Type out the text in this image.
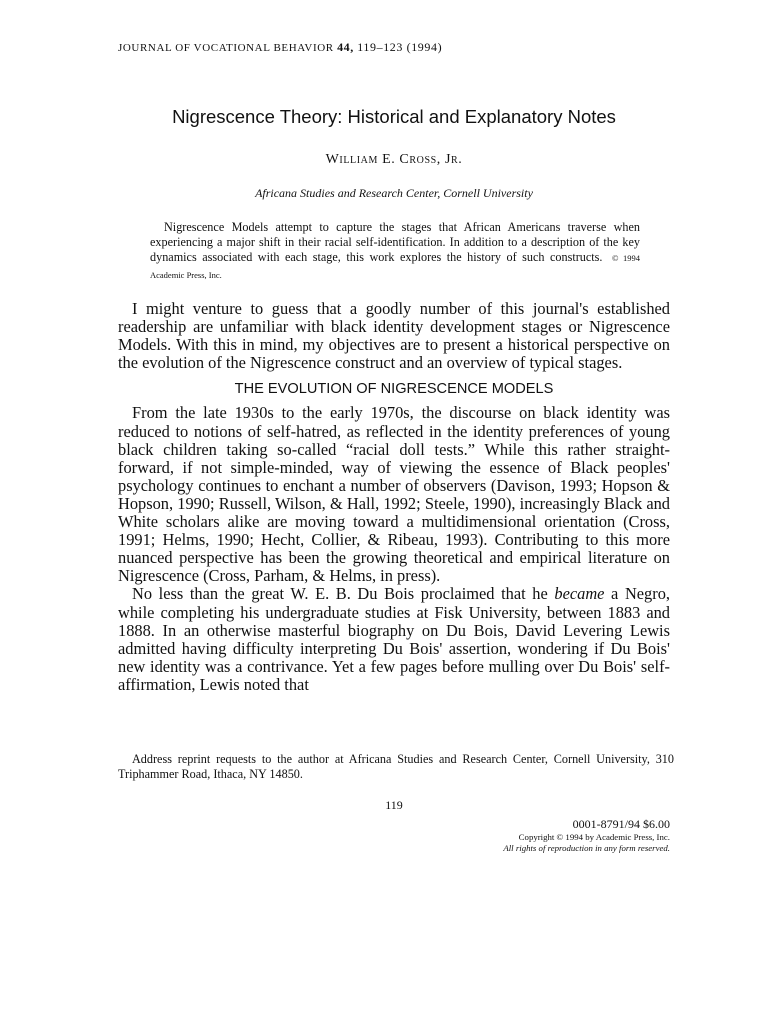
JOURNAL OF VOCATIONAL BEHAVIOR 44, 119–123 (1994)
Nigrescence Theory: Historical and Explanatory Notes
William E. Cross, Jr.
Africana Studies and Research Center, Cornell University

Nigrescence Models attempt to capture the stages that African Americans traverse when experiencing a major shift in their racial self-identification. In addition to a description of the key dynamics associated with each stage, this work explores the history of such constructs. © 1994 Academic Press, Inc.

I might venture to guess that a goodly number of this journal's established readership are unfamiliar with black identity development stages or Nigrescence Models. With this in mind, my objectives are to present a historical perspective on the evolution of the Nigrescence construct and an overview of typical stages.

THE EVOLUTION OF NIGRESCENCE MODELS

From the late 1930s to the early 1970s, the discourse on black identity was reduced to notions of self-hatred, as reflected in the identity preferences of young black children taking so-called “racial doll tests.” While this rather straight-forward, if not simple-minded, way of viewing the essence of Black peoples' psychology continues to enchant a number of observers (Davison, 1993; Hopson & Hopson, 1990; Russell, Wilson, & Hall, 1992; Steele, 1990), increasingly Black and White scholars alike are moving toward a multidimensional orientation (Cross, 1991; Helms, 1990; Hecht, Collier, & Ribeau, 1993). Contributing to this more nuanced perspective has been the growing theoretical and empirical literature on Nigrescence (Cross, Parham, & Helms, in press).

No less than the great W. E. B. Du Bois proclaimed that he became a Negro, while completing his undergraduate studies at Fisk University, between 1883 and 1888. In an otherwise masterful biography on Du Bois, David Levering Lewis admitted having difficulty interpreting Du Bois' assertion, wondering if Du Bois' new identity was a contrivance. Yet a few pages before mulling over Du Bois' self-affirmation, Lewis noted that

Address reprint requests to the author at Africana Studies and Research Center, Cornell University, 310 Triphammer Road, Ithaca, NY 14850.

119
0001-8791/94 $6.00
Copyright © 1994 by Academic Press, Inc.
All rights of reproduction in any form reserved.
